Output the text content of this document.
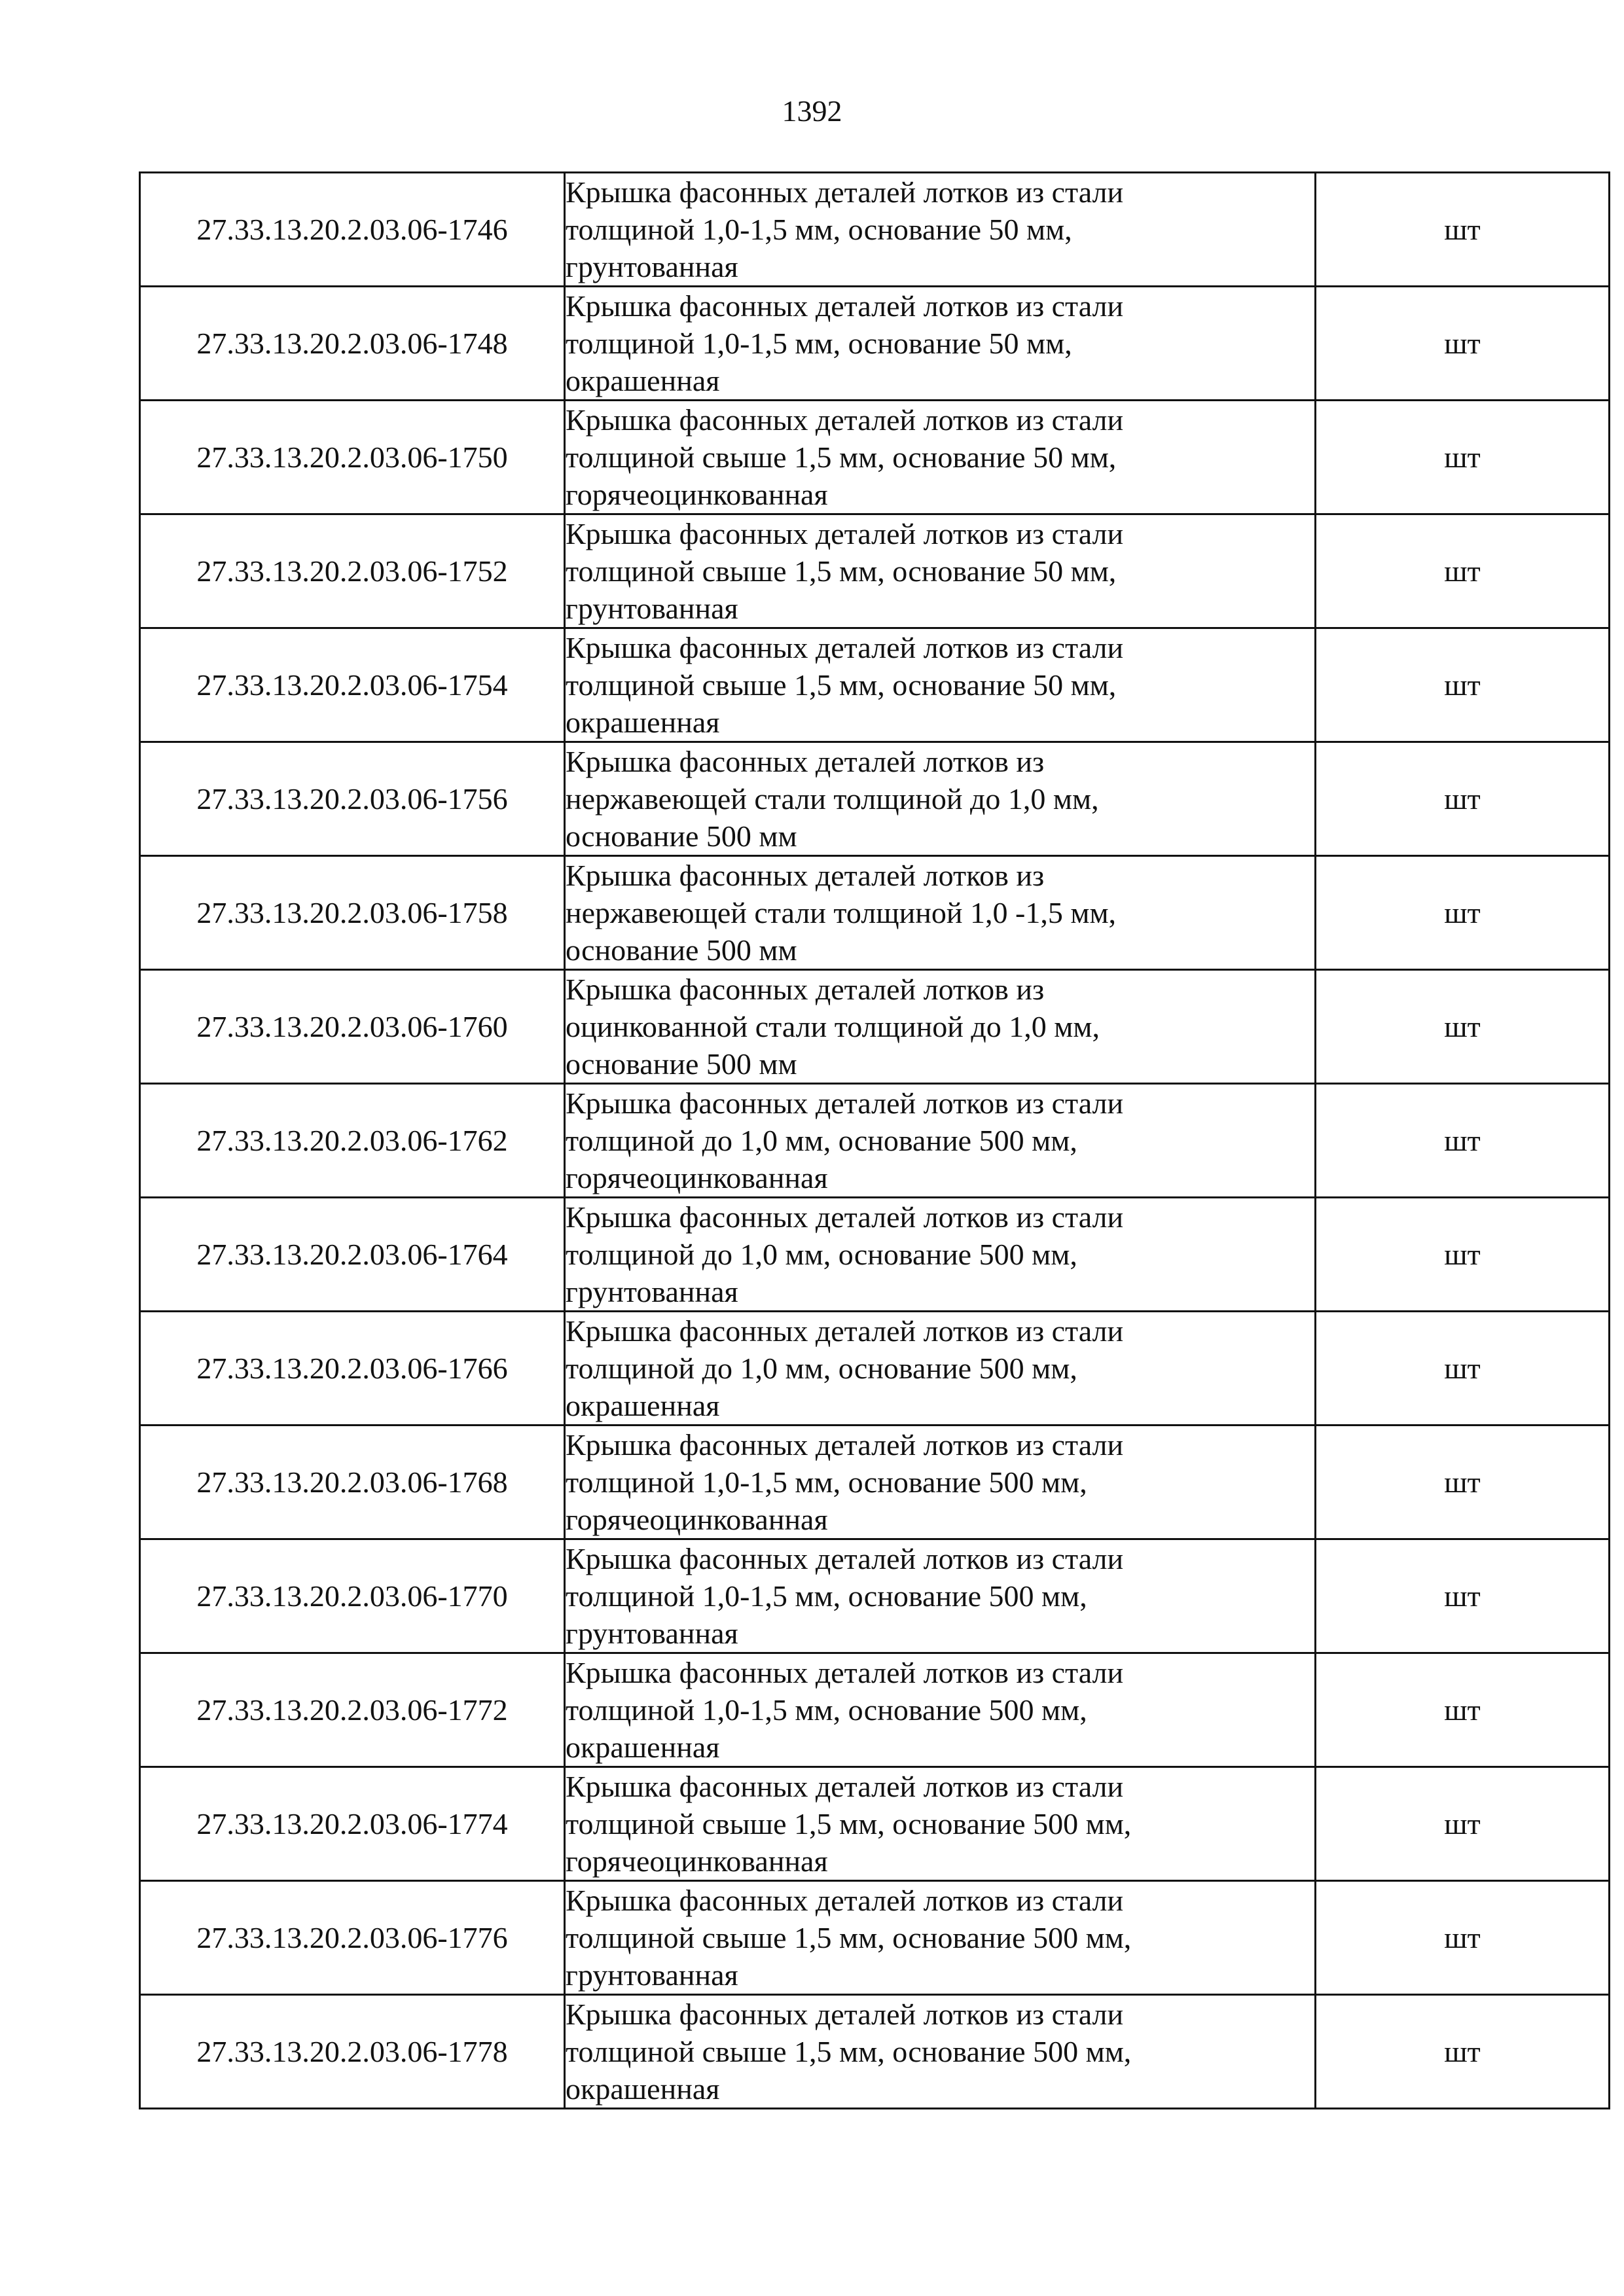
1392
27.33.13.20.2.03.06-1746	Крышка фасонных деталей лотков из стали
толщиной 1,0-1,5 мм, основание 50 мм,
грунтованная	шт
27.33.13.20.2.03.06-1748	Крышка фасонных деталей лотков из стали
толщиной 1,0-1,5 мм, основание 50 мм,
окрашенная	шт
27.33.13.20.2.03.06-1750	Крышка фасонных деталей лотков из стали
толщиной свыше 1,5 мм, основание 50 мм,
горячеоцинкованная	шт
27.33.13.20.2.03.06-1752	Крышка фасонных деталей лотков из стали
толщиной свыше 1,5 мм, основание 50 мм,
грунтованная	шт
27.33.13.20.2.03.06-1754	Крышка фасонных деталей лотков из стали
толщиной свыше 1,5 мм, основание 50 мм,
окрашенная	шт
27.33.13.20.2.03.06-1756	Крышка фасонных деталей лотков из
нержавеющей стали толщиной до 1,0 мм,
основание 500 мм	шт
27.33.13.20.2.03.06-1758	Крышка фасонных деталей лотков из
нержавеющей стали толщиной 1,0 -1,5 мм,
основание 500 мм	шт
27.33.13.20.2.03.06-1760	Крышка фасонных деталей лотков из
оцинкованной стали толщиной до 1,0 мм,
основание 500 мм	шт
27.33.13.20.2.03.06-1762	Крышка фасонных деталей лотков из стали
толщиной до 1,0 мм, основание 500 мм,
горячеоцинкованная	шт
27.33.13.20.2.03.06-1764	Крышка фасонных деталей лотков из стали
толщиной до 1,0 мм, основание 500 мм,
грунтованная	шт
27.33.13.20.2.03.06-1766	Крышка фасонных деталей лотков из стали
толщиной до 1,0 мм, основание 500 мм,
окрашенная	шт
27.33.13.20.2.03.06-1768	Крышка фасонных деталей лотков из стали
толщиной 1,0-1,5 мм, основание 500 мм,
горячеоцинкованная	шт
27.33.13.20.2.03.06-1770	Крышка фасонных деталей лотков из стали
толщиной 1,0-1,5 мм, основание 500 мм,
грунтованная	шт
27.33.13.20.2.03.06-1772	Крышка фасонных деталей лотков из стали
толщиной 1,0-1,5 мм, основание 500 мм,
окрашенная	шт
27.33.13.20.2.03.06-1774	Крышка фасонных деталей лотков из стали
толщиной свыше 1,5 мм, основание 500 мм,
горячеоцинкованная	шт
27.33.13.20.2.03.06-1776	Крышка фасонных деталей лотков из стали
толщиной свыше 1,5 мм, основание 500 мм,
грунтованная	шт
27.33.13.20.2.03.06-1778	Крышка фасонных деталей лотков из стали
толщиной свыше 1,5 мм, основание 500 мм,
окрашенная	шт
